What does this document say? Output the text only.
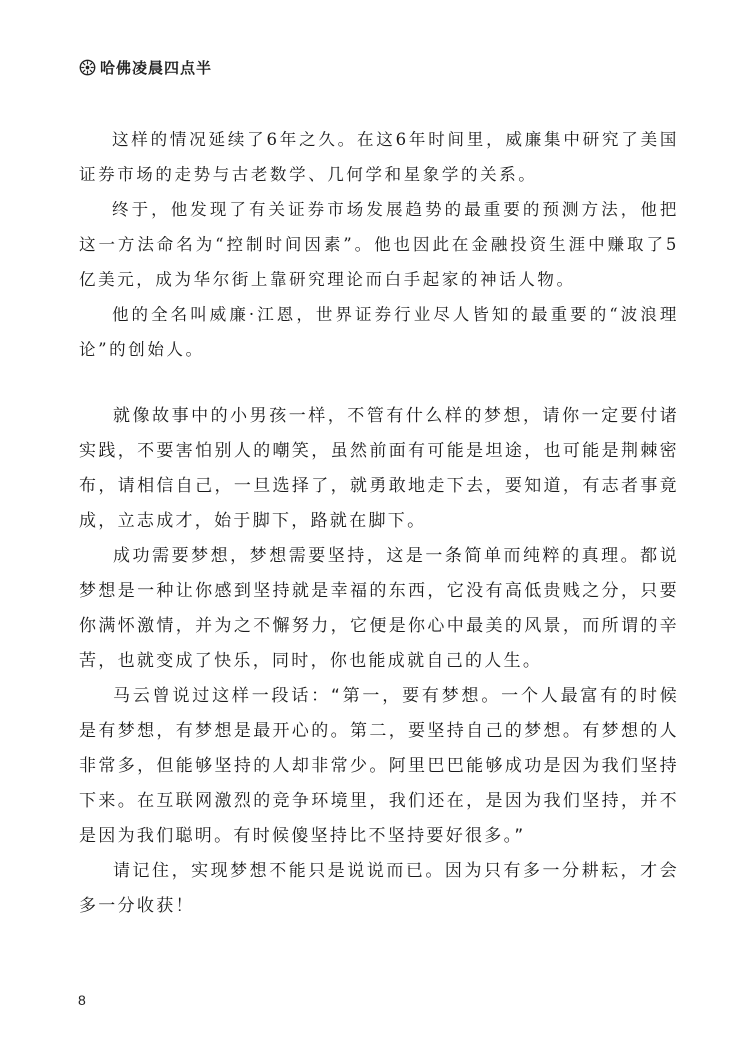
哈佛凌晨四点半

这样的情况延续了6年之久。在这6年时间里，威廉集中研究了美国证券市场的走势与古老数学、几何学和星象学的关系。

终于，他发现了有关证券市场发展趋势的最重要的预测方法，他把这一方法命名为“控制时间因素”。他也因此在金融投资生涯中赚取了5亿美元，成为华尔街上靠研究理论而白手起家的神话人物。

他的全名叫威廉·江恩，世界证券行业尽人皆知的最重要的“波浪理论”的创始人。

就像故事中的小男孩一样，不管有什么样的梦想，请你一定要付诸实践，不要害怕别人的嘲笑，虽然前面有可能是坦途，也可能是荆棘密布，请相信自己，一旦选择了，就勇敢地走下去，要知道，有志者事竟成，立志成才，始于脚下，路就在脚下。

成功需要梦想，梦想需要坚持，这是一条简单而纯粹的真理。都说梦想是一种让你感到坚持就是幸福的东西，它没有高低贵贱之分，只要你满怀激情，并为之不懈努力，它便是你心中最美的风景，而所谓的辛苦，也就变成了快乐，同时，你也能成就自己的人生。

马云曾说过这样一段话：“第一，要有梦想。一个人最富有的时候是有梦想，有梦想是最开心的。第二，要坚持自己的梦想。有梦想的人非常多，但能够坚持的人却非常少。阿里巴巴能够成功是因为我们坚持下来。在互联网激烈的竞争环境里，我们还在，是因为我们坚持，并不是因为我们聪明。有时候傻坚持比不坚持要好很多。”

请记住，实现梦想不能只是说说而已。因为只有多一分耕耘，才会多一分收获！

8
